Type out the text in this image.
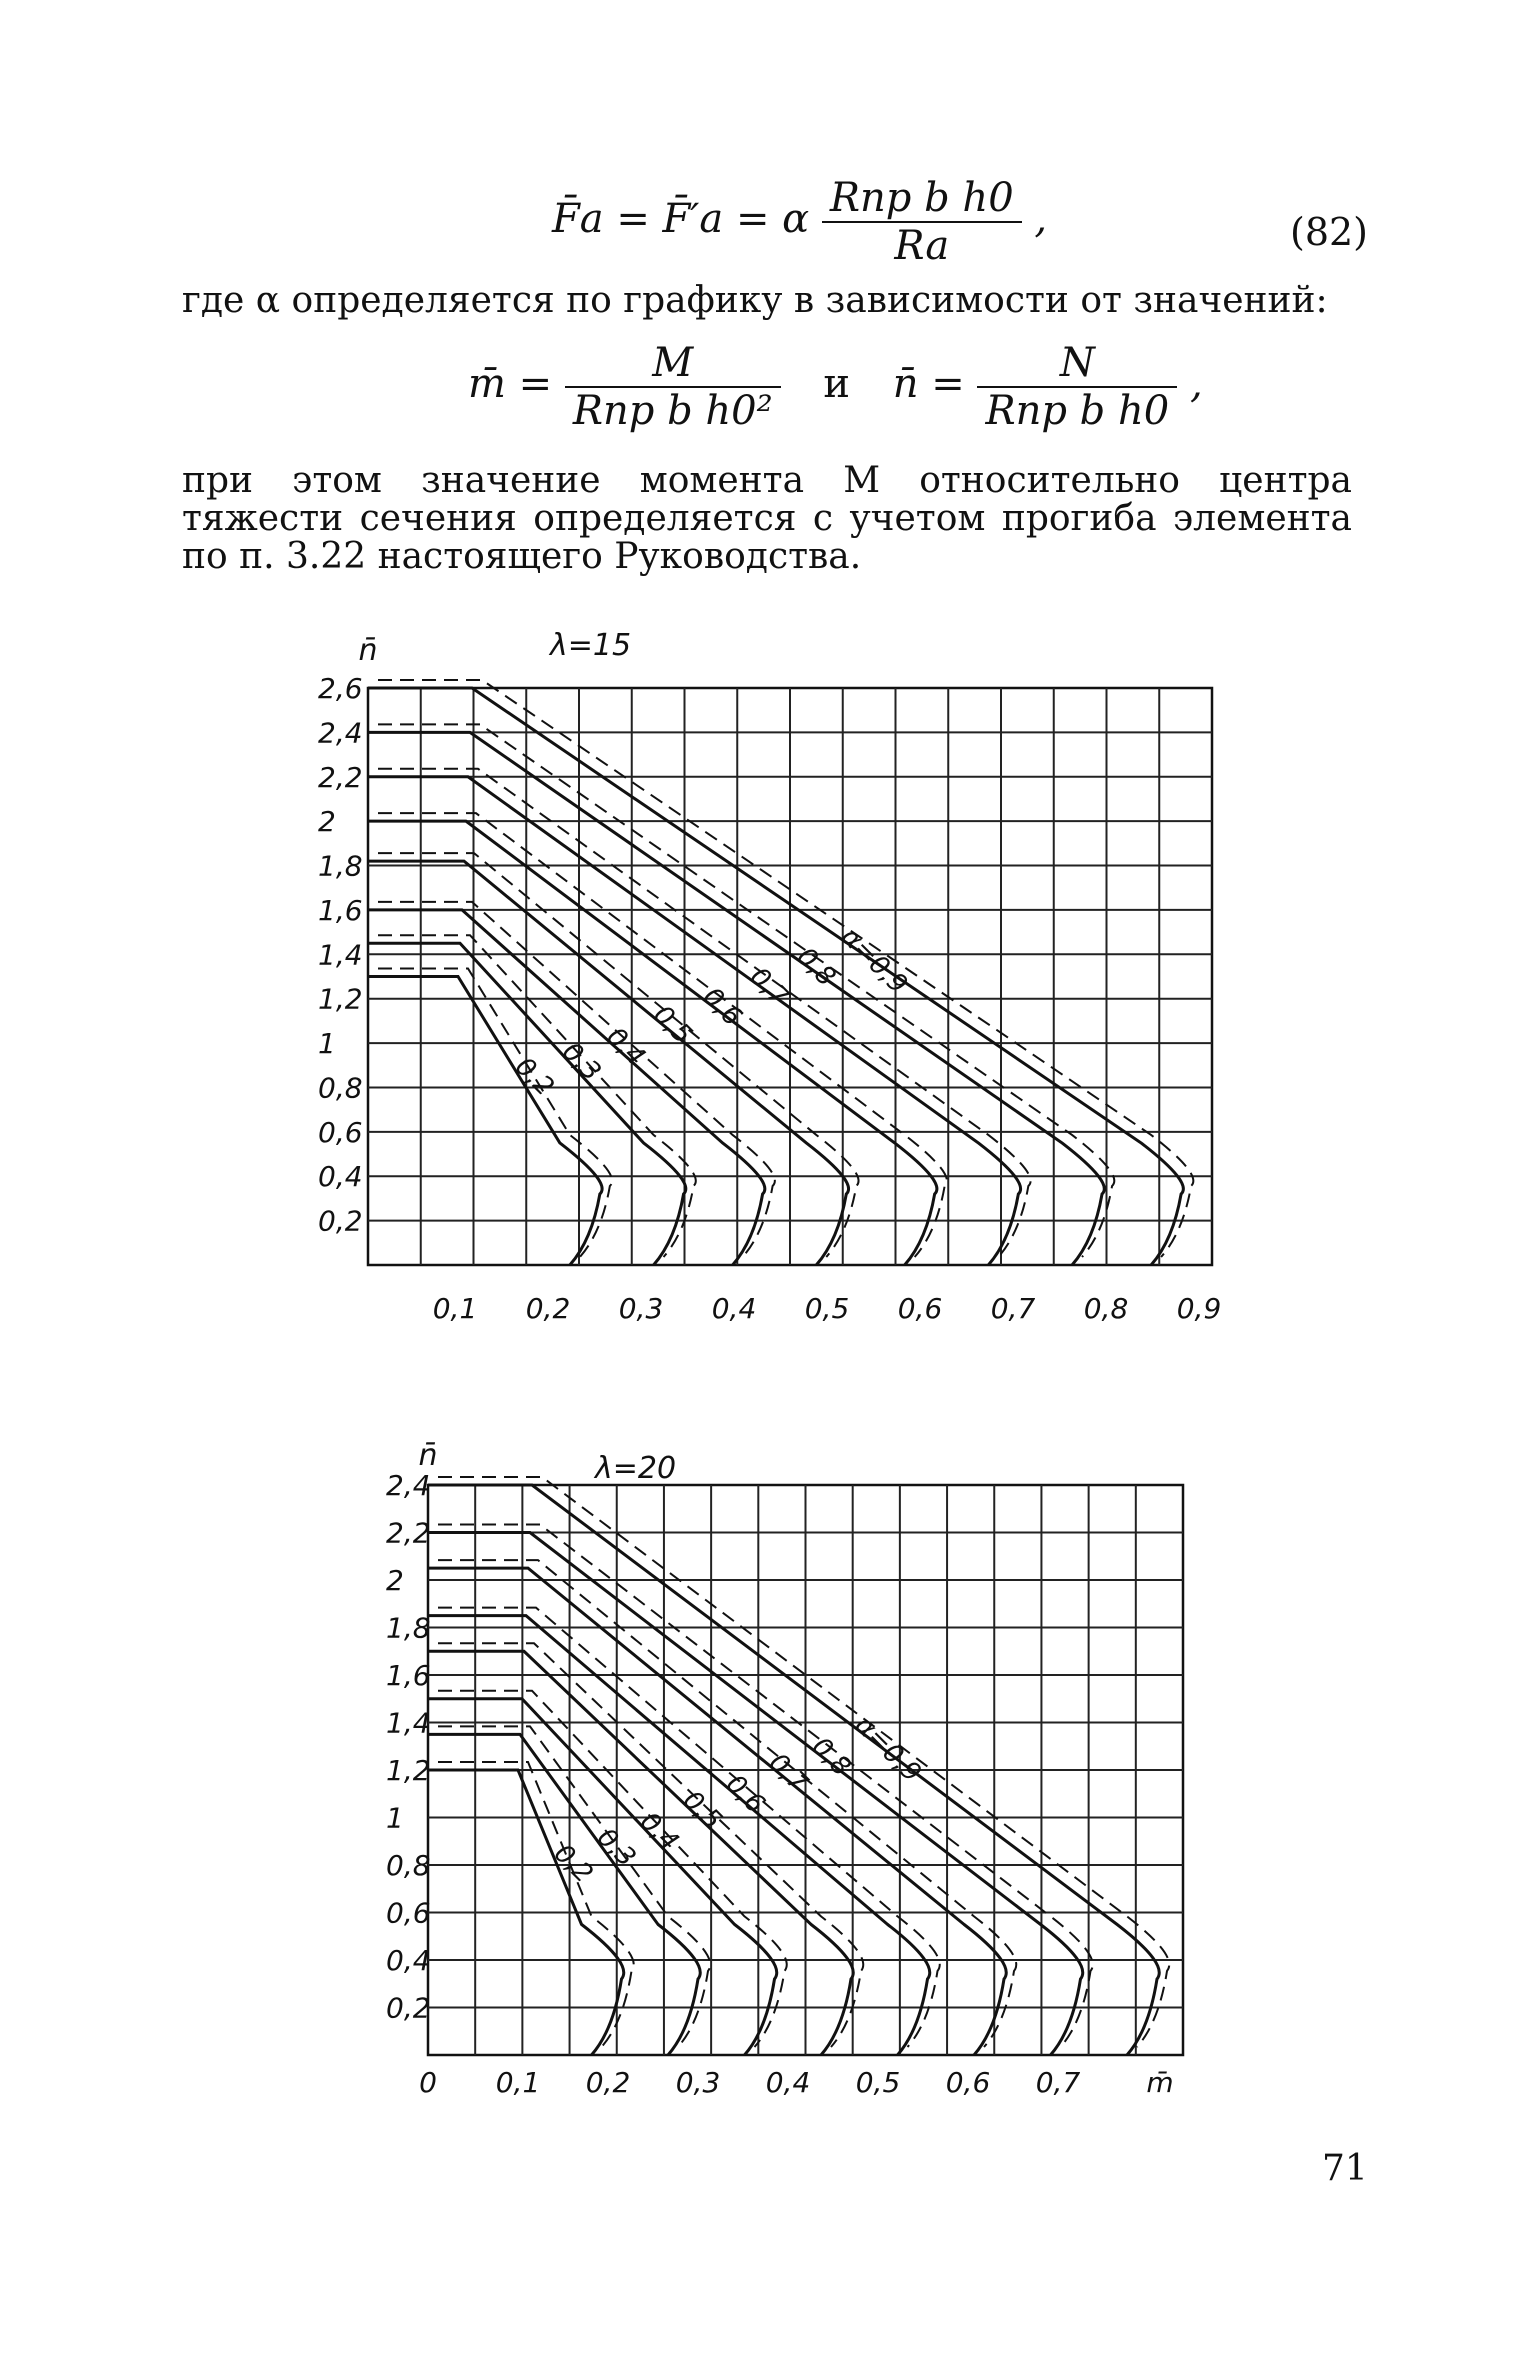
F̄a = F̄′a = α $\frac{\text{Rпр b h0}}{Ra}$ ,	(82)
где α определяется по графику в зависимости от значений:
m̄ = $\frac{M}{\text{Rпр b h0²}}$ и n̄ = $\frac{N}{\text{Rпр b h0}}$ ,
при этом значение момента M относительно центра тяжести сечения определяется с учетом прогиба элемента по п. 3.22 настоящего Руководства.
λ=15
n̄
2,6
2,4
2,2
2
1,8
1,6
1,4
1,2
1
0,8
0,6
0,4
0,2
0,1 0,2 0,3 0,4 0,5 0,6 0,7 0,8 0,9
0,2
0,3
0,4
0,5 0,6
0,7
0,8
α=0,9
λ=20
n̄
2,4
2,2
2
1,8
1,6
1,4
1,2
1
0,8
0,6
0,4
0,2
0 0,1 0,2 0,3 0,4 0,5 0,6 0,7 m̄
0,2
0,3
0,4
0,5
0,6
0,7
0,8
α=0,9
71
